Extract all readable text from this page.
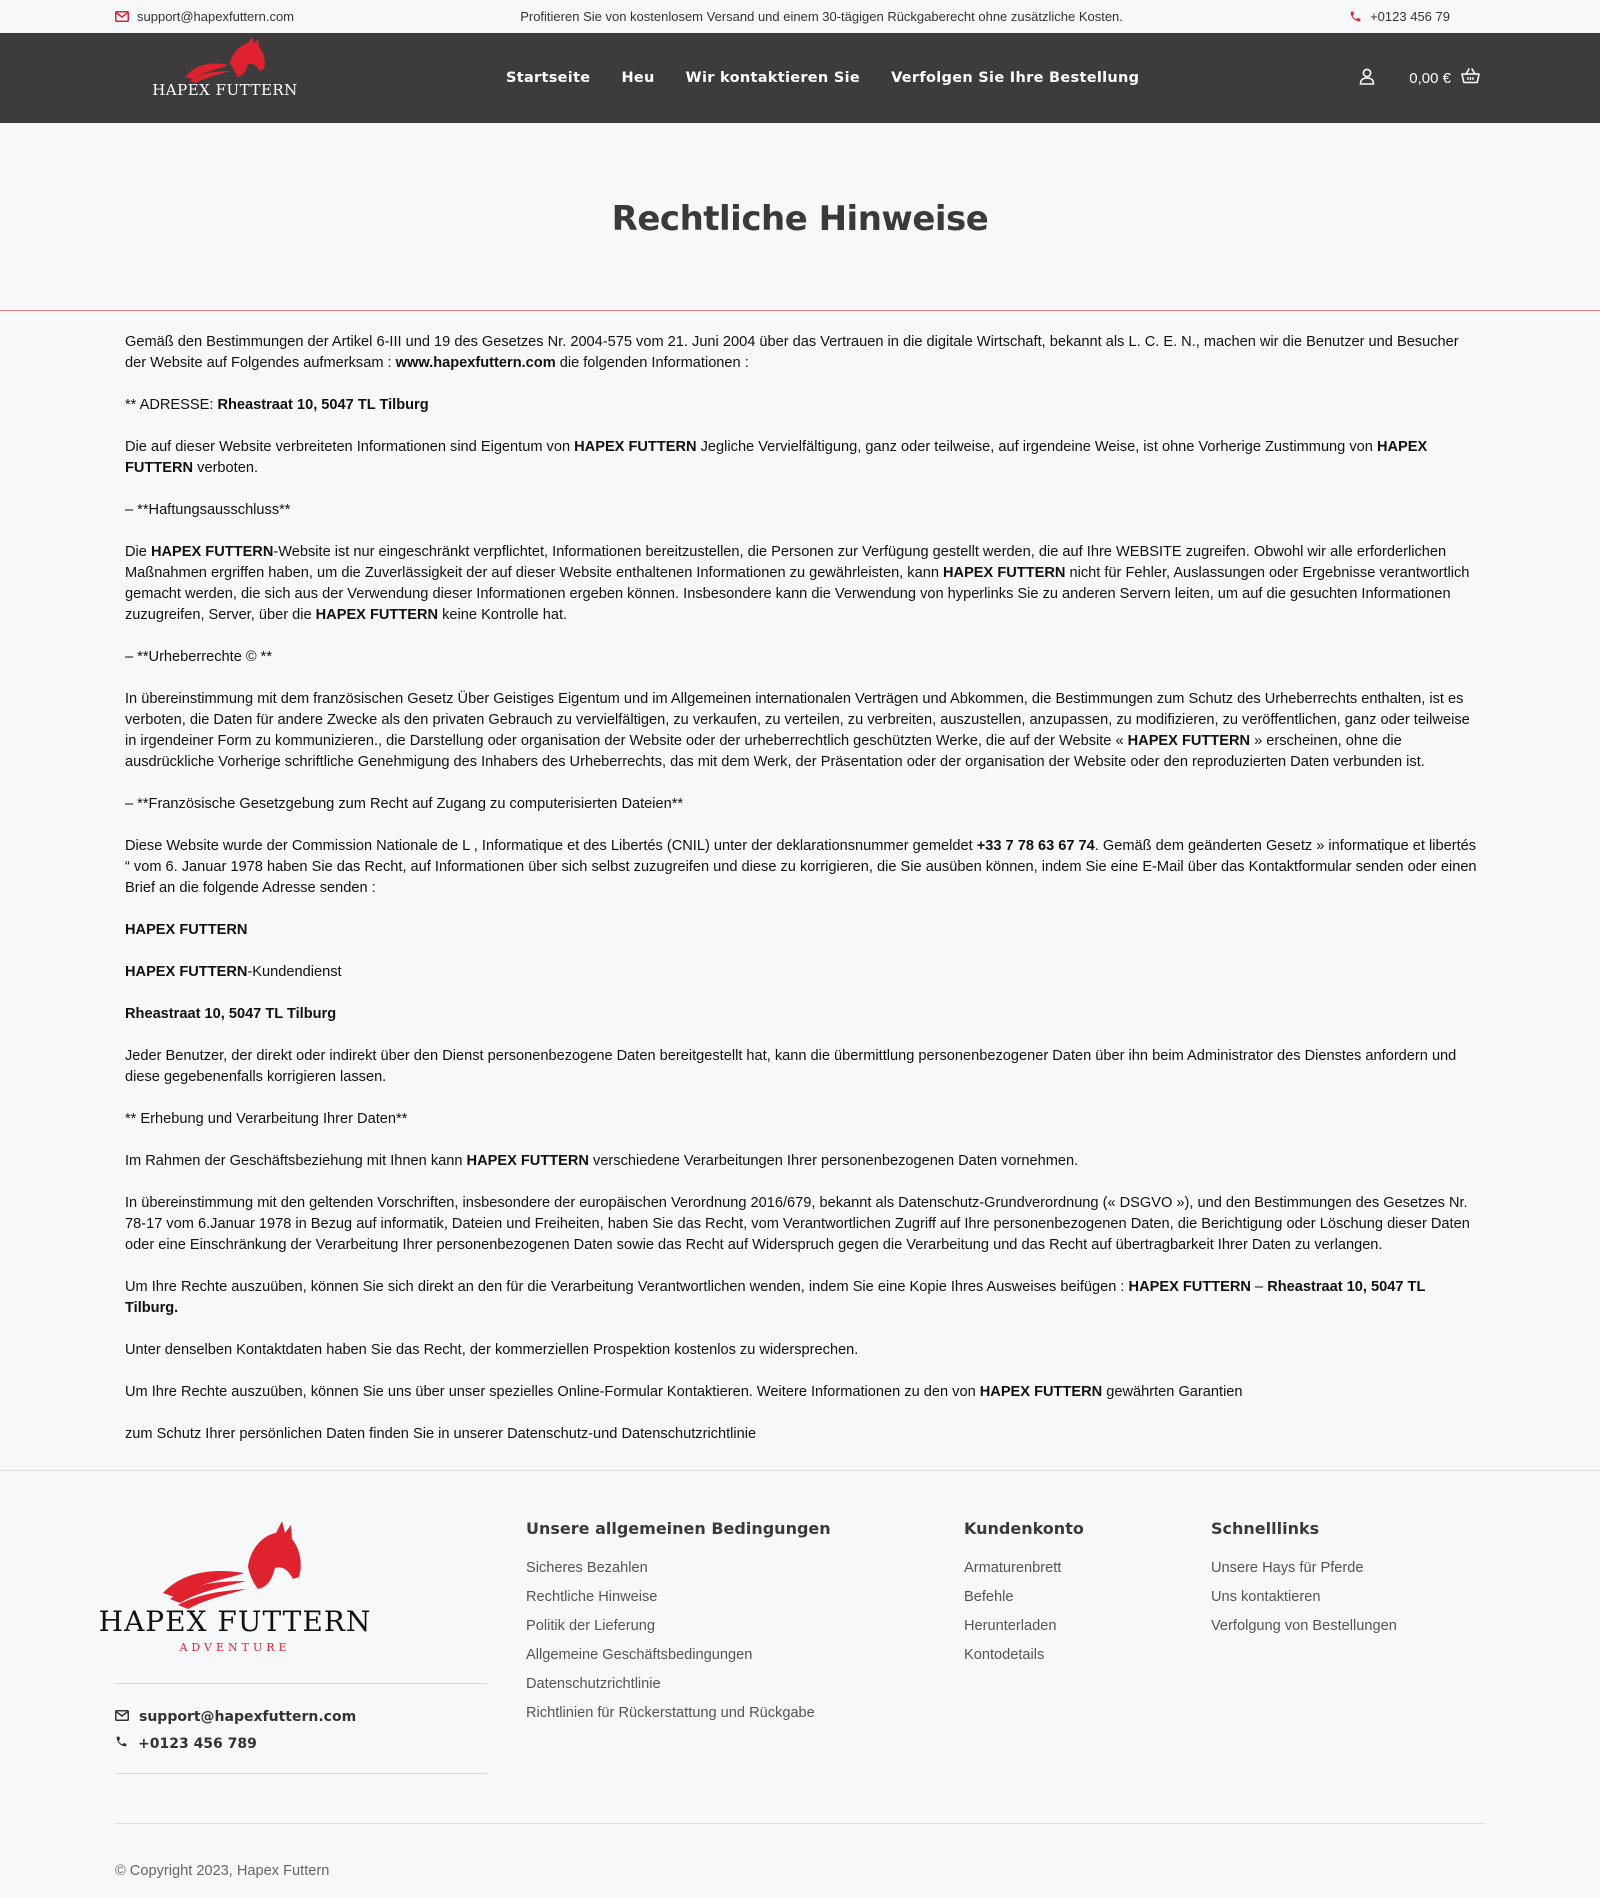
support@hapexfuttern.com	Profitieren Sie von kostenlosem Versand und einem 30-tägigen Rückgaberecht ohne zusätzliche Kosten.	+0123 456 79
HAPEX FUTTERN
Startseite Heu Wir kontaktieren Sie Verfolgen Sie Ihre Bestellung	0,00 €
Rechtliche Hinweise

Gemäß den Bestimmungen der Artikel 6-III und 19 des Gesetzes Nr. 2004-575 vom 21. Juni 2004 über das Vertrauen in die digitale Wirtschaft, bekannt als L. C. E. N., machen wir die Benutzer und Besucher der Website auf Folgendes aufmerksam : www.hapexfuttern.com die folgenden Informationen :

** ADRESSE: Rheastraat 10, 5047 TL Tilburg

Die auf dieser Website verbreiteten Informationen sind Eigentum von HAPEX FUTTERN Jegliche Vervielfältigung, ganz oder teilweise, auf irgendeine Weise, ist ohne Vorherige Zustimmung von HAPEX FUTTERN verboten.

– **Haftungsausschluss**

Die HAPEX FUTTERN-Website ist nur eingeschränkt verpflichtet, Informationen bereitzustellen, die Personen zur Verfügung gestellt werden, die auf Ihre WEBSITE zugreifen. Obwohl wir alle erforderlichen Maßnahmen ergriffen haben, um die Zuverlässigkeit der auf dieser Website enthaltenen Informationen zu gewährleisten, kann HAPEX FUTTERN nicht für Fehler, Auslassungen oder Ergebnisse verantwortlich gemacht werden, die sich aus der Verwendung dieser Informationen ergeben können. Insbesondere kann die Verwendung von hyperlinks Sie zu anderen Servern leiten, um auf die gesuchten Informationen zuzugreifen, Server, über die HAPEX FUTTERN keine Kontrolle hat.

– **Urheberrechte © **

In übereinstimmung mit dem französischen Gesetz Über Geistiges Eigentum und im Allgemeinen internationalen Verträgen und Abkommen, die Bestimmungen zum Schutz des Urheberrechts enthalten, ist es verboten, die Daten für andere Zwecke als den privaten Gebrauch zu vervielfältigen, zu verkaufen, zu verteilen, zu verbreiten, auszustellen, anzupassen, zu modifizieren, zu veröffentlichen, ganz oder teilweise in irgendeiner Form zu kommunizieren., die Darstellung oder organisation der Website oder der urheberrechtlich geschützten Werke, die auf der Website « HAPEX FUTTERN » erscheinen, ohne die ausdrückliche Vorherige schriftliche Genehmigung des Inhabers des Urheberrechts, das mit dem Werk, der Präsentation oder der organisation der Website oder den reproduzierten Daten verbunden ist.

– **Französische Gesetzgebung zum Recht auf Zugang zu computerisierten Dateien**

Diese Website wurde der Commission Nationale de L , Informatique et des Libertés (CNIL) unter der deklarationsnummer gemeldet +33 7 78 63 67 74. Gemäß dem geänderten Gesetz » informatique et libertés “ vom 6. Januar 1978 haben Sie das Recht, auf Informationen über sich selbst zuzugreifen und diese zu korrigieren, die Sie ausüben können, indem Sie eine E-Mail über das Kontaktformular senden oder einen Brief an die folgende Adresse senden :

HAPEX FUTTERN

HAPEX FUTTERN-Kundendienst

Rheastraat 10, 5047 TL Tilburg

Jeder Benutzer, der direkt oder indirekt über den Dienst personenbezogene Daten bereitgestellt hat, kann die übermittlung personenbezogener Daten über ihn beim Administrator des Dienstes anfordern und diese gegebenenfalls korrigieren lassen.

** Erhebung und Verarbeitung Ihrer Daten**

Im Rahmen der Geschäftsbeziehung mit Ihnen kann HAPEX FUTTERN verschiedene Verarbeitungen Ihrer personenbezogenen Daten vornehmen.

In übereinstimmung mit den geltenden Vorschriften, insbesondere der europäischen Verordnung 2016/679, bekannt als Datenschutz-Grundverordnung (« DSGVO »), und den Bestimmungen des Gesetzes Nr. 78-17 vom 6.Januar 1978 in Bezug auf informatik, Dateien und Freiheiten, haben Sie das Recht, vom Verantwortlichen Zugriff auf Ihre personenbezogenen Daten, die Berichtigung oder Löschung dieser Daten oder eine Einschränkung der Verarbeitung Ihrer personenbezogenen Daten sowie das Recht auf Widerspruch gegen die Verarbeitung und das Recht auf übertragbarkeit Ihrer Daten zu verlangen.

Um Ihre Rechte auszuüben, können Sie sich direkt an den für die Verarbeitung Verantwortlichen wenden, indem Sie eine Kopie Ihres Ausweises beifügen : HAPEX FUTTERN – Rheastraat 10, 5047 TL Tilburg.

Unter denselben Kontaktdaten haben Sie das Recht, der kommerziellen Prospektion kostenlos zu widersprechen.

Um Ihre Rechte auszuüben, können Sie uns über unser spezielles Online-Formular Kontaktieren. Weitere Informationen zu den von HAPEX FUTTERN gewährten Garantien

zum Schutz Ihrer persönlichen Daten finden Sie in unserer Datenschutz-und Datenschutzrichtlinie

HAPEX FUTTERN
ADVENTURE
support@hapexfuttern.com
+0123 456 789
Unsere allgemeinen Bedingungen
Sicheres Bezahlen
Rechtliche Hinweise
Politik der Lieferung
Allgemeine Geschäftsbedingungen
Datenschutzrichtlinie
Richtlinien für Rückerstattung und Rückgabe
Kundenkonto
Armaturenbrett
Befehle
Herunterladen
Kontodetails
Schnelllinks
Unsere Hays für Pferde
Uns kontaktieren
Verfolgung von Bestellungen
© Copyright 2023, Hapex Futtern
